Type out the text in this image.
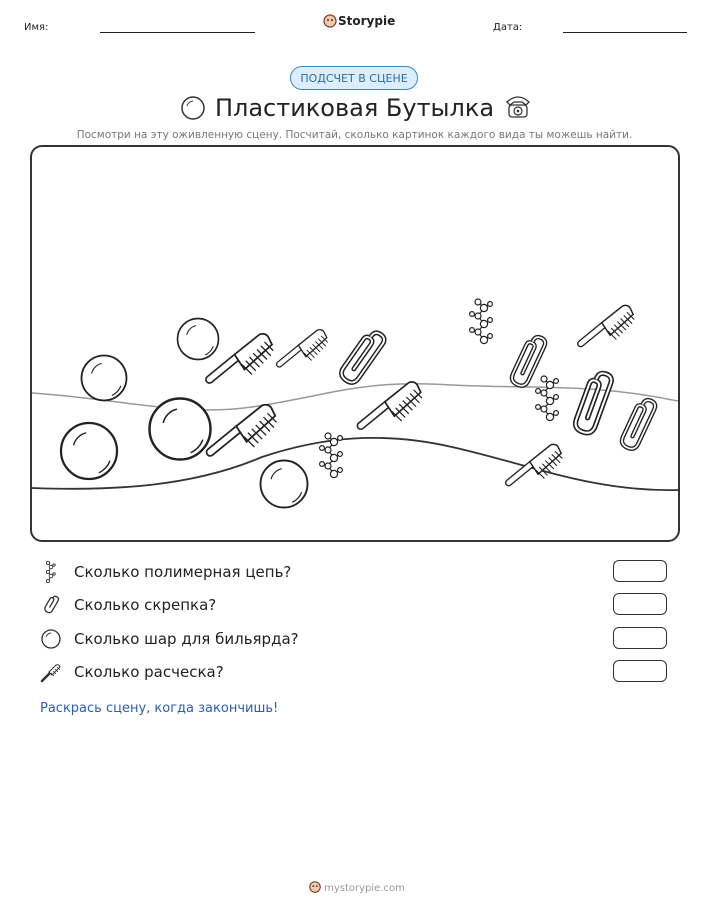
Имя:	Storypie	Дата:
ПОДСЧЕТ В СЦЕНЕ
Пластиковая Бутылка
Посмотри на эту оживленную сцену. Посчитай, сколько картинок каждого вида ты можешь найти.
Сколько полимерная цепь?
Сколько скрепка?
Сколько шар для бильярда?
Сколько расческа?
Раскрась сцену, когда закончишь!
mystorypie.com
